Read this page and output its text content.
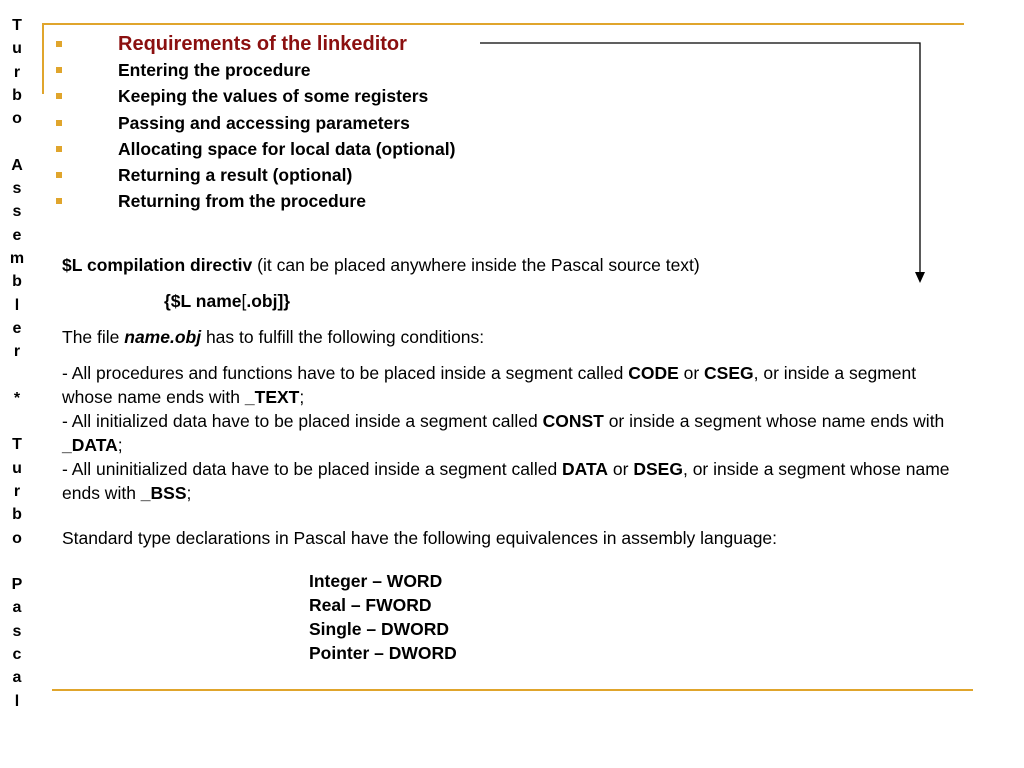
T
u
r
b
o
A
s
s
e
m
b
l
e
r
*
T
u
r
b
o
P
a
s
c
a
l
Requirements of the linkeditor
Entering the procedure
Keeping the values of some registers
Passing and accessing parameters
Allocating space for local data (optional)
Returning a result (optional)
Returning from the procedure
$L compilation directiv (it can be placed anywhere inside the Pascal source text)
{$L name[.obj]}
The file name.obj has to fulfill the following conditions:
- All procedures and functions have to be placed inside a segment called CODE or CSEG, or inside a segment whose name ends with _TEXT;
- All initialized data have to be placed inside a segment called CONST or inside a segment whose name ends with _DATA;
- All uninitialized data have to be placed inside a segment called DATA or DSEG, or inside a segment whose name ends with _BSS;
Standard type declarations in Pascal have the following equivalences in assembly language:
Integer – WORD
Real – FWORD
Single – DWORD
Pointer – DWORD
